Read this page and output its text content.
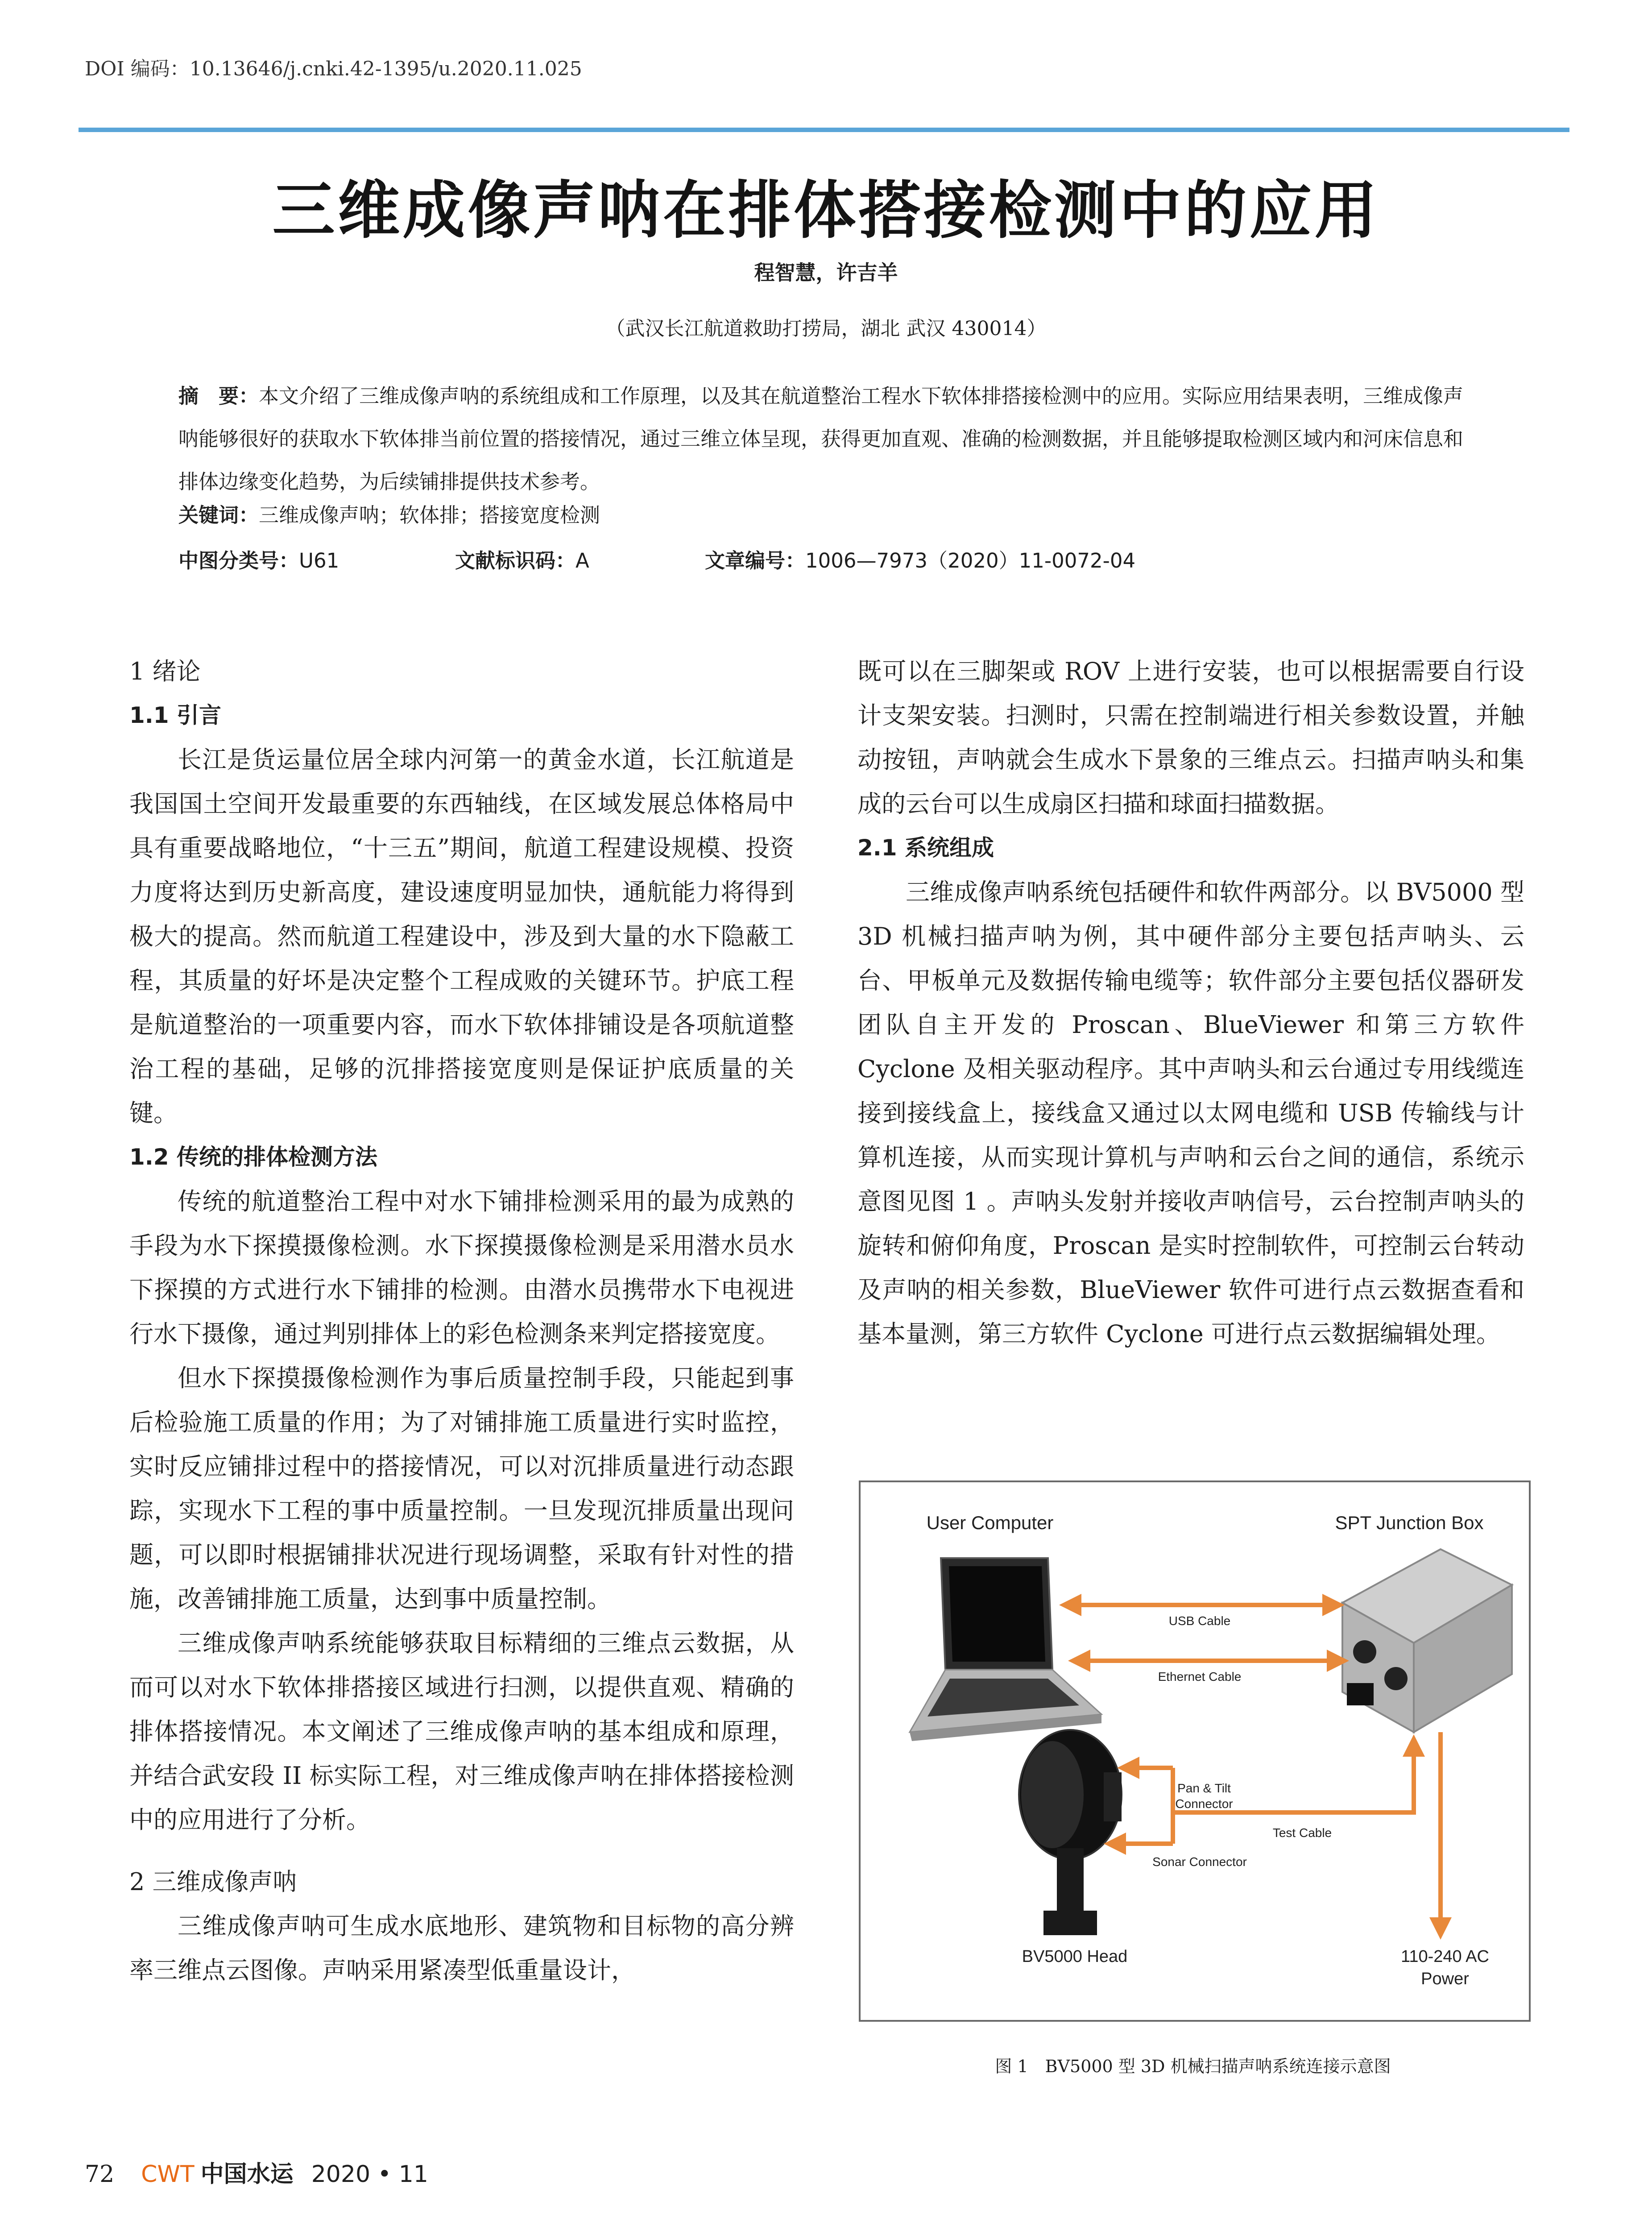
DOI 编码：10.13646/j.cnki.42-1395/u.2020.11.025
三维成像声呐在排体搭接检测中的应用
程智慧，许吉羊
（武汉长江航道救助打捞局，湖北 武汉 430014）
摘　要：本文介绍了三维成像声呐的系统组成和工作原理，以及其在航道整治工程水下软体排搭接检测中的应用。实际应用结果表明，三维成像声呐能够很好的获取水下软体排当前位置的搭接情况，通过三维立体呈现，获得更加直观、准确的检测数据，并且能够提取检测区域内和河床信息和排体边缘变化趋势，为后续铺排提供技术参考。
关键词：三维成像声呐；软体排；搭接宽度检测
中图分类号：U61	文献标识码：A	文章编号：1006—7973（2020）11-0072-04
1 绪论
1.1 引言

长江是货运量位居全球内河第一的黄金水道，长江航道是我国国土空间开发最重要的东西轴线，在区域发展总体格局中具有重要战略地位，“十三五”期间，航道工程建设规模、投资力度将达到历史新高度，建设速度明显加快，通航能力将得到极大的提高。然而航道工程建设中，涉及到大量的水下隐蔽工程，其质量的好坏是决定整个工程成败的关键环节。护底工程是航道整治的一项重要内容，而水下软体排铺设是各项航道整治工程的基础，足够的沉排搭接宽度则是保证护底质量的关键。

1.2 传统的排体检测方法

传统的航道整治工程中对水下铺排检测采用的最为成熟的手段为水下探摸摄像检测。水下探摸摄像检测是采用潜水员水下探摸的方式进行水下铺排的检测。由潜水员携带水下电视进行水下摄像，通过判别排体上的彩色检测条来判定搭接宽度。

但水下探摸摄像检测作为事后质量控制手段，只能起到事后检验施工质量的作用；为了对铺排施工质量进行实时监控，实时反应铺排过程中的搭接情况，可以对沉排质量进行动态跟踪，实现水下工程的事中质量控制。一旦发现沉排质量出现问题，可以即时根据铺排状况进行现场调整，采取有针对性的措施，改善铺排施工质量，达到事中质量控制。

三维成像声呐系统能够获取目标精细的三维点云数据，从而可以对水下软体排搭接区域进行扫测，以提供直观、精确的排体搭接情况。本文阐述了三维成像声呐的基本组成和原理，并结合武安段 II 标实际工程，对三维成像声呐在排体搭接检测中的应用进行了分析。

2 三维成像声呐

三维成像声呐可生成水底地形、建筑物和目标物的高分辨率三维点云图像。声呐采用紧凑型低重量设计，

既可以在三脚架或 ROV 上进行安装，也可以根据需要自行设计支架安装。扫测时，只需在控制端进行相关参数设置，并触动按钮，声呐就会生成水下景象的三维点云。扫描声呐头和集成的云台可以生成扇区扫描和球面扫描数据。

2.1 系统组成

三维成像声呐系统包括硬件和软件两部分。以 BV5000 型 3D 机械扫描声呐为例，其中硬件部分主要包括声呐头、云台、甲板单元及数据传输电缆等；软件部分主要包括仪器研发团队自主开发的 Proscan、BlueViewer 和第三方软件 Cyclone 及相关驱动程序。其中声呐头和云台通过专用线缆连接到接线盒上，接线盒又通过以太网电缆和 USB 传输线与计算机连接，从而实现计算机与声呐和云台之间的通信，系统示意图见图 1 。声呐头发射并接收声呐信号，云台控制声呐头的旋转和俯仰角度，Proscan 是实时控制软件，可控制云台转动及声呐的相关参数，BlueViewer 软件可进行点云数据查看和基本量测，第三方软件 Cyclone 可进行点云数据编辑处理。

User Computer	SPT Junction Box
USB Cable
Ethernet Cable
Pan & Tilt
Connector
Test Cable
Sonar Connector
BV5000 Head	110-240 AC
Power
图 1　BV5000 型 3D 机械扫描声呐系统连接示意图
72 CWT 中国水运 2020 • 11
